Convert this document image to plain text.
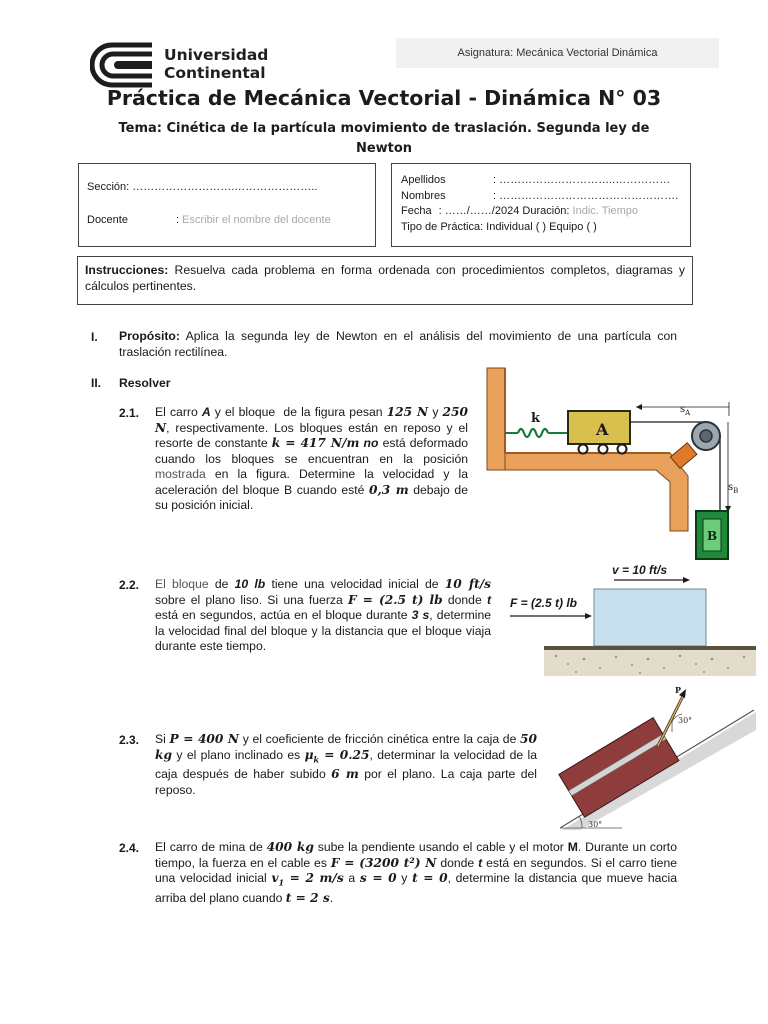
Universidad
Continental
Asignatura: Mecánica Vectorial Dinámica
Práctica de Mecánica Vectorial - Dinámica N° 03
Tema: Cinética de la partícula movimiento de traslación. Segunda ley de Newton
Sección: ……………………….…………………..
Docente	: Escribir el nombre del docente
Apellidos	: …………………………..……………
Nombres	: ………………………………………….
Fecha : ……/……/2024 Duración: Indic. Tiempo
Tipo de Práctica: Individual ( ) Equipo ( )
Instrucciones: Resuelva cada problema en forma ordenada con procedimientos completos, diagramas y cálculos pertinentes.
I. Propósito: Aplica la segunda ley de Newton en el análisis del movimiento de una partícula con traslación rectilínea.
II. Resolver
2.1. El carro A y el bloque  de la figura pesan 125 N y 250 N, respectivamente. Los bloques están en reposo y el resorte de constante k = 417 N/m no está deformado cuando los bloques se encuentran en la posición mostrada en la figura. Determine la velocidad y la aceleración del bloque B cuando esté 0,3 m debajo de su posición inicial.
k
A
$s_A$
$s_B$
B
2.2. El bloque de 10 lb tiene una velocidad inicial de 10 ft/s sobre el plano liso. Si una fuerza F = (2.5 t) lb donde t está en segundos, actúa en el bloque durante 3 s, determine la velocidad final del bloque y la distancia que el bloque viaja durante este tiempo.
v = 10 ft/s
F = (2.5 t) lb
2.3. Si P = 400 N y el coeficiente de fricción cinética entre la caja de 50 kg y el plano inclinado es $\mu_k = 0.25$, determinar la velocidad de la caja después de haber subido 6 m por el plano. La caja parte del reposo.
30°
P
30°
2.4. El carro de mina de 400 kg sube la pendiente usando el cable y el motor M. Durante un corto tiempo, la fuerza en el cable es F = (3200 t²) N donde t está en segundos. Si el carro tiene una velocidad inicial $v_1 = 2$ m/s a s = 0 y t = 0, determine la distancia que mueve hacia arriba del plano cuando t = 2 s.
